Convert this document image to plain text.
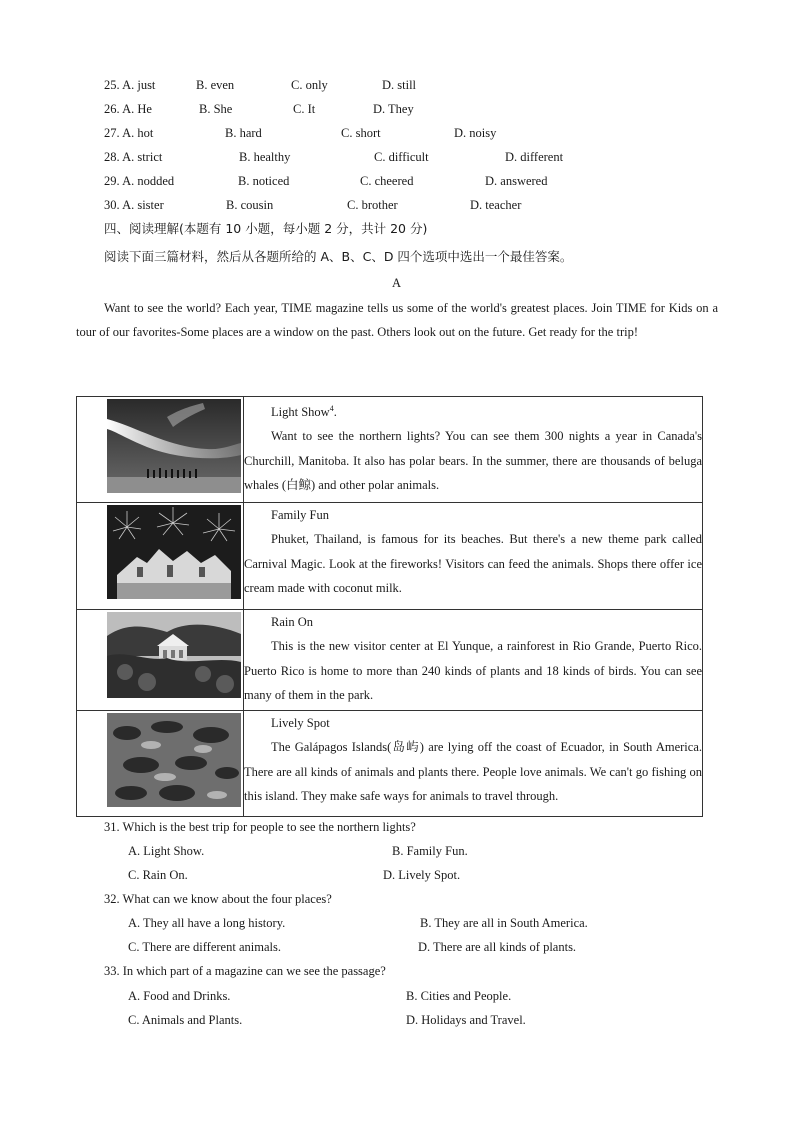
25. A. just	B. even	C. only	D. still
26. A. He	B. She	C. It	D. They
27. A. hot	B. hard	C. short	D. noisy
28. A. strict	B. healthy	C. difficult	D. different
29. A. nodded	B. noticed	C. cheered	D. answered
30. A. sister	B. cousin	C. brother	D. teacher
四、阅读理解(本题有 10 小题，每小题 2 分，共计 20 分)
阅读下面三篇材料，然后从各题所给的 A、B、C、D 四个选项中选出一个最佳答案。
A
Want to see the world? Each year, TIME magazine tells us some of the world's greatest places. Join TIME for Kids on a tour of our favorites-Some places are a window on the past. Others look out on the future. Get ready for the trip!

Light Show$^4$.
Want to see the northern lights? You can see them 300 nights a year in Canada's Churchill, Manitoba. It also has polar bears. In the summer, there are thousands of beluga whales (白鲸) and other polar animals.

Family Fun
Phuket, Thailand, is famous for its beaches. But there's a new theme park called Carnival Magic. Look at the fireworks! Visitors can feed the animals. Shops there offer ice cream made with coconut milk.

Rain On
This is the new visitor center at El Yunque, a rainforest in Rio Grande, Puerto Rico. Puerto Rico is home to more than 240 kinds of plants and 18 kinds of birds. You can see many of them in the park.

Lively Spot
The Galápagos Islands(岛屿) are lying off the coast of Ecuador, in South America. There are all kinds of animals and plants there. People love animals. We can't go fishing on this island. They make safe ways for animals to travel through.
31. Which is the best trip for people to see the northern lights?
A. Light Show.	B. Family Fun.
C. Rain On.	D. Lively Spot.
32. What can we know about the four places?
A. They all have a long history.	B. They are all in South America.
C. There are different animals.	D. There are all kinds of plants.
33. In which part of a magazine can we see the passage?
A. Food and Drinks.	B. Cities and People.
C. Animals and Plants.	D. Holidays and Travel.
